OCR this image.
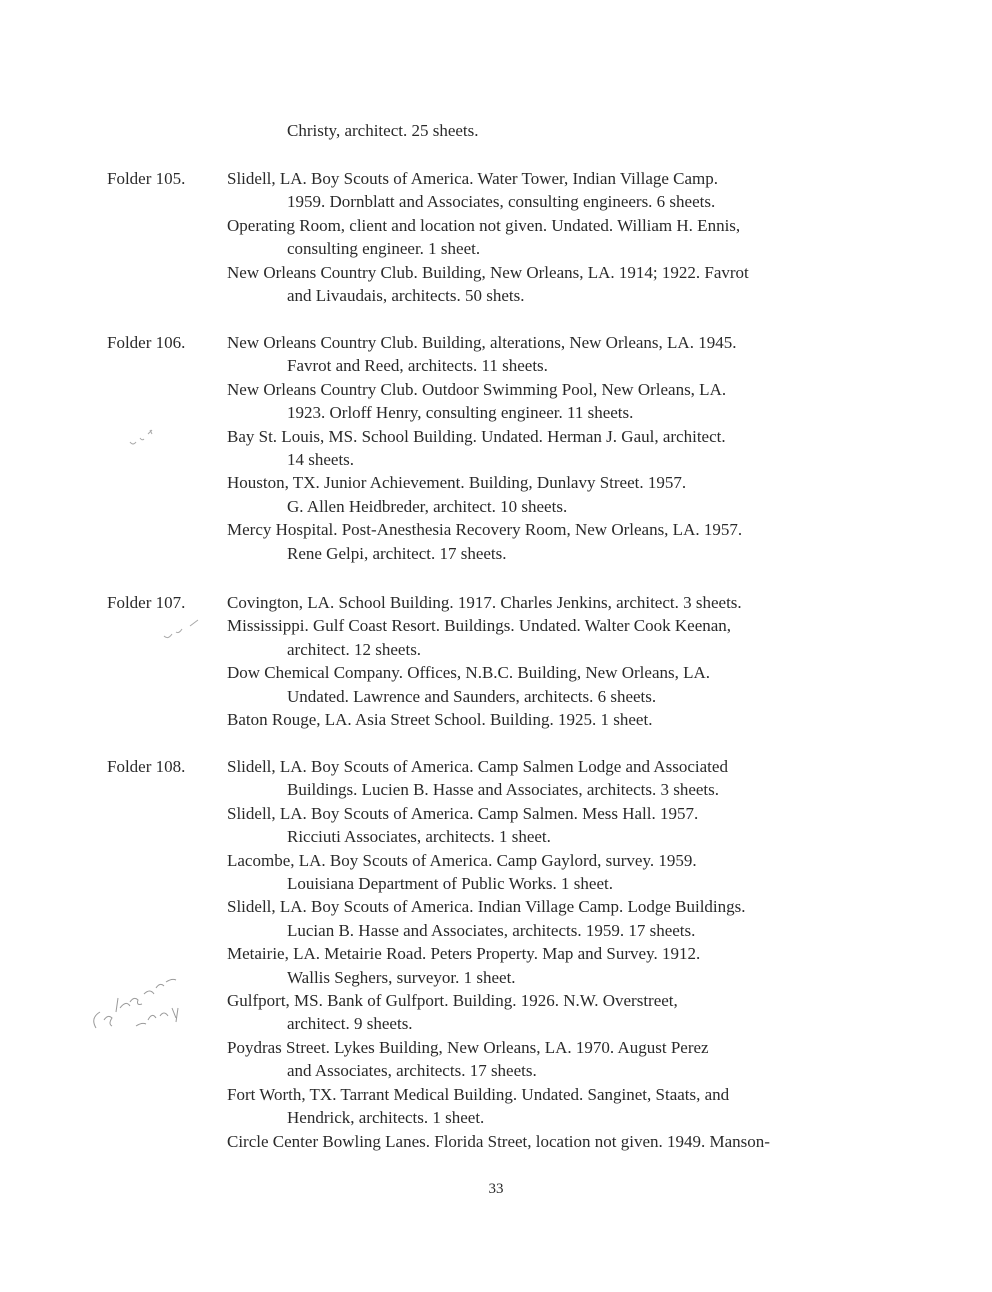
Christy, architect. 25 sheets.
Folder 105. Slidell, LA. Boy Scouts of America. Water Tower, Indian Village Camp.
1959. Dornblatt and Associates, consulting engineers. 6 sheets.
Operating Room, client and location not given. Undated. William H. Ennis,
consulting engineer. 1 sheet.
New Orleans Country Club. Building, New Orleans, LA. 1914; 1922. Favrot
and Livaudais, architects. 50 shets.
Folder 106. New Orleans Country Club. Building, alterations, New Orleans, LA. 1945.
Favrot and Reed, architects. 11 sheets.
New Orleans Country Club. Outdoor Swimming Pool, New Orleans, LA.
1923. Orloff Henry, consulting engineer. 11 sheets.
Bay St. Louis, MS. School Building. Undated. Herman J. Gaul, architect.
14 sheets.
Houston, TX. Junior Achievement. Building, Dunlavy Street. 1957.
G. Allen Heidbreder, architect. 10 sheets.
Mercy Hospital. Post-Anesthesia Recovery Room, New Orleans, LA. 1957.
Rene Gelpi, architect. 17 sheets.
Folder 107. Covington, LA. School Building. 1917. Charles Jenkins, architect. 3 sheets.
Mississippi. Gulf Coast Resort. Buildings. Undated. Walter Cook Keenan,
architect. 12 sheets.
Dow Chemical Company. Offices, N.B.C. Building, New Orleans, LA.
Undated. Lawrence and Saunders, architects. 6 sheets.
Baton Rouge, LA. Asia Street School. Building. 1925. 1 sheet.
Folder 108. Slidell, LA. Boy Scouts of America. Camp Salmen Lodge and Associated
Buildings. Lucien B. Hasse and Associates, architects. 3 sheets.
Slidell, LA. Boy Scouts of America. Camp Salmen. Mess Hall. 1957.
Ricciuti Associates, architects. 1 sheet.
Lacombe, LA. Boy Scouts of America. Camp Gaylord, survey. 1959.
Louisiana Department of Public Works. 1 sheet.
Slidell, LA. Boy Scouts of America. Indian Village Camp. Lodge Buildings.
Lucian B. Hasse and Associates, architects. 1959. 17 sheets.
Metairie, LA. Metairie Road. Peters Property. Map and Survey. 1912.
Wallis Seghers, surveyor. 1 sheet.
Gulfport, MS. Bank of Gulfport. Building. 1926. N.W. Overstreet,
architect. 9 sheets.
Poydras Street. Lykes Building, New Orleans, LA. 1970. August Perez
and Associates, architects. 17 sheets.
Fort Worth, TX. Tarrant Medical Building. Undated. Sanginet, Staats, and
Hendrick, architects. 1 sheet.
Circle Center Bowling Lanes. Florida Street, location not given. 1949. Manson-
33
